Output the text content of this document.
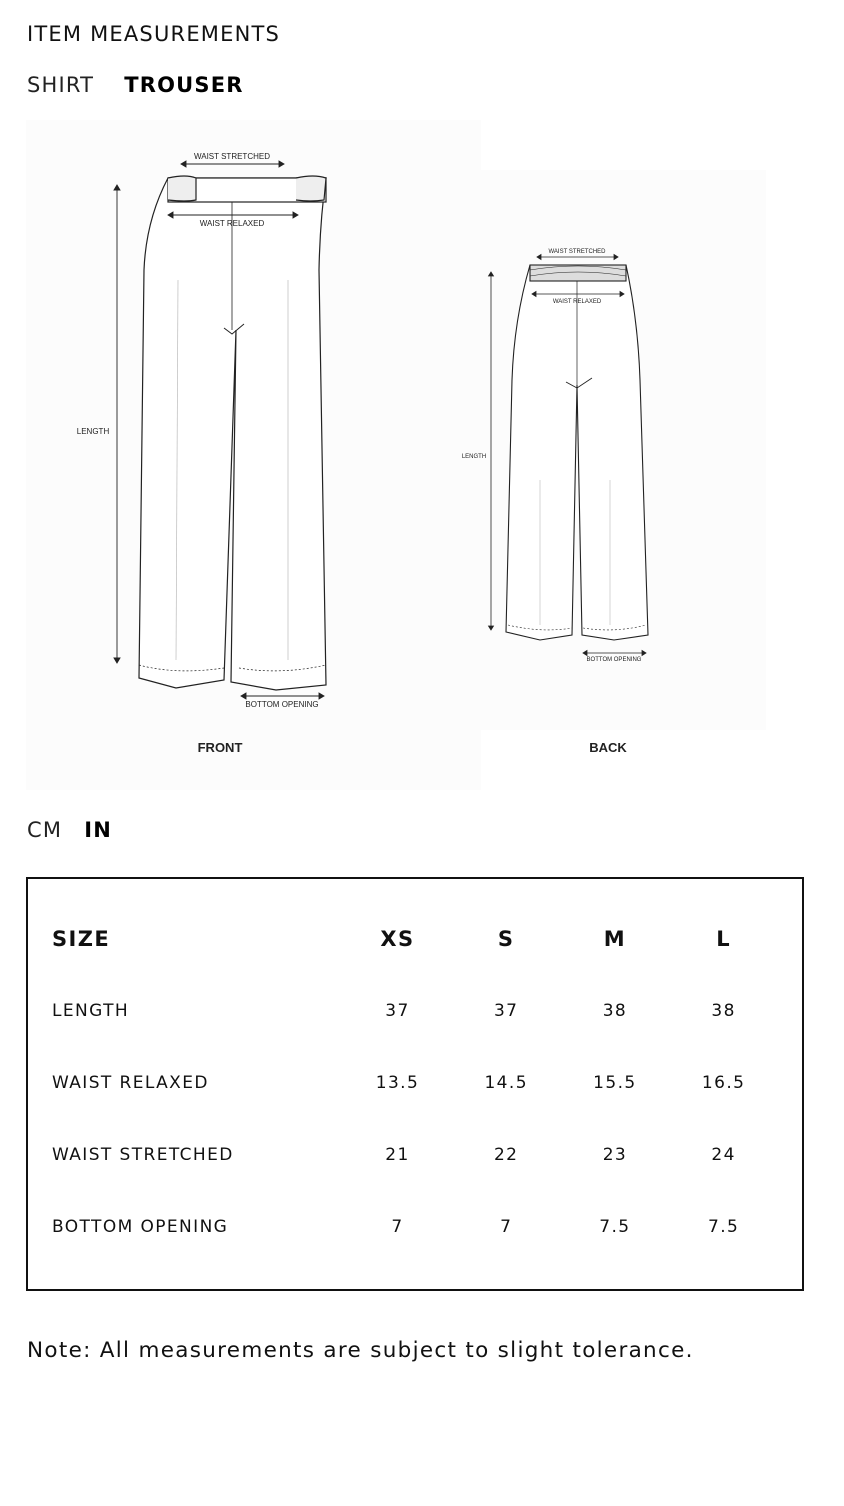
ITEM MEASUREMENTS
SHIRT TROUSER
WAIST STRETCHED
WAIST RELAXED
LENGTH
BOTTOM OPENING
FRONT
WAIST STRETCHED
WAIST RELAXED
LENGTH
BOTTOM OPENING
BACK
CM IN
SIZE	XS	S	M	L
LENGTH	37	37	38	38
WAIST RELAXED	13.5	14.5	15.5	16.5
WAIST STRETCHED	21	22	23	24
BOTTOM OPENING	7	7	7.5	7.5
Note: All measurements are subject to slight tolerance.
